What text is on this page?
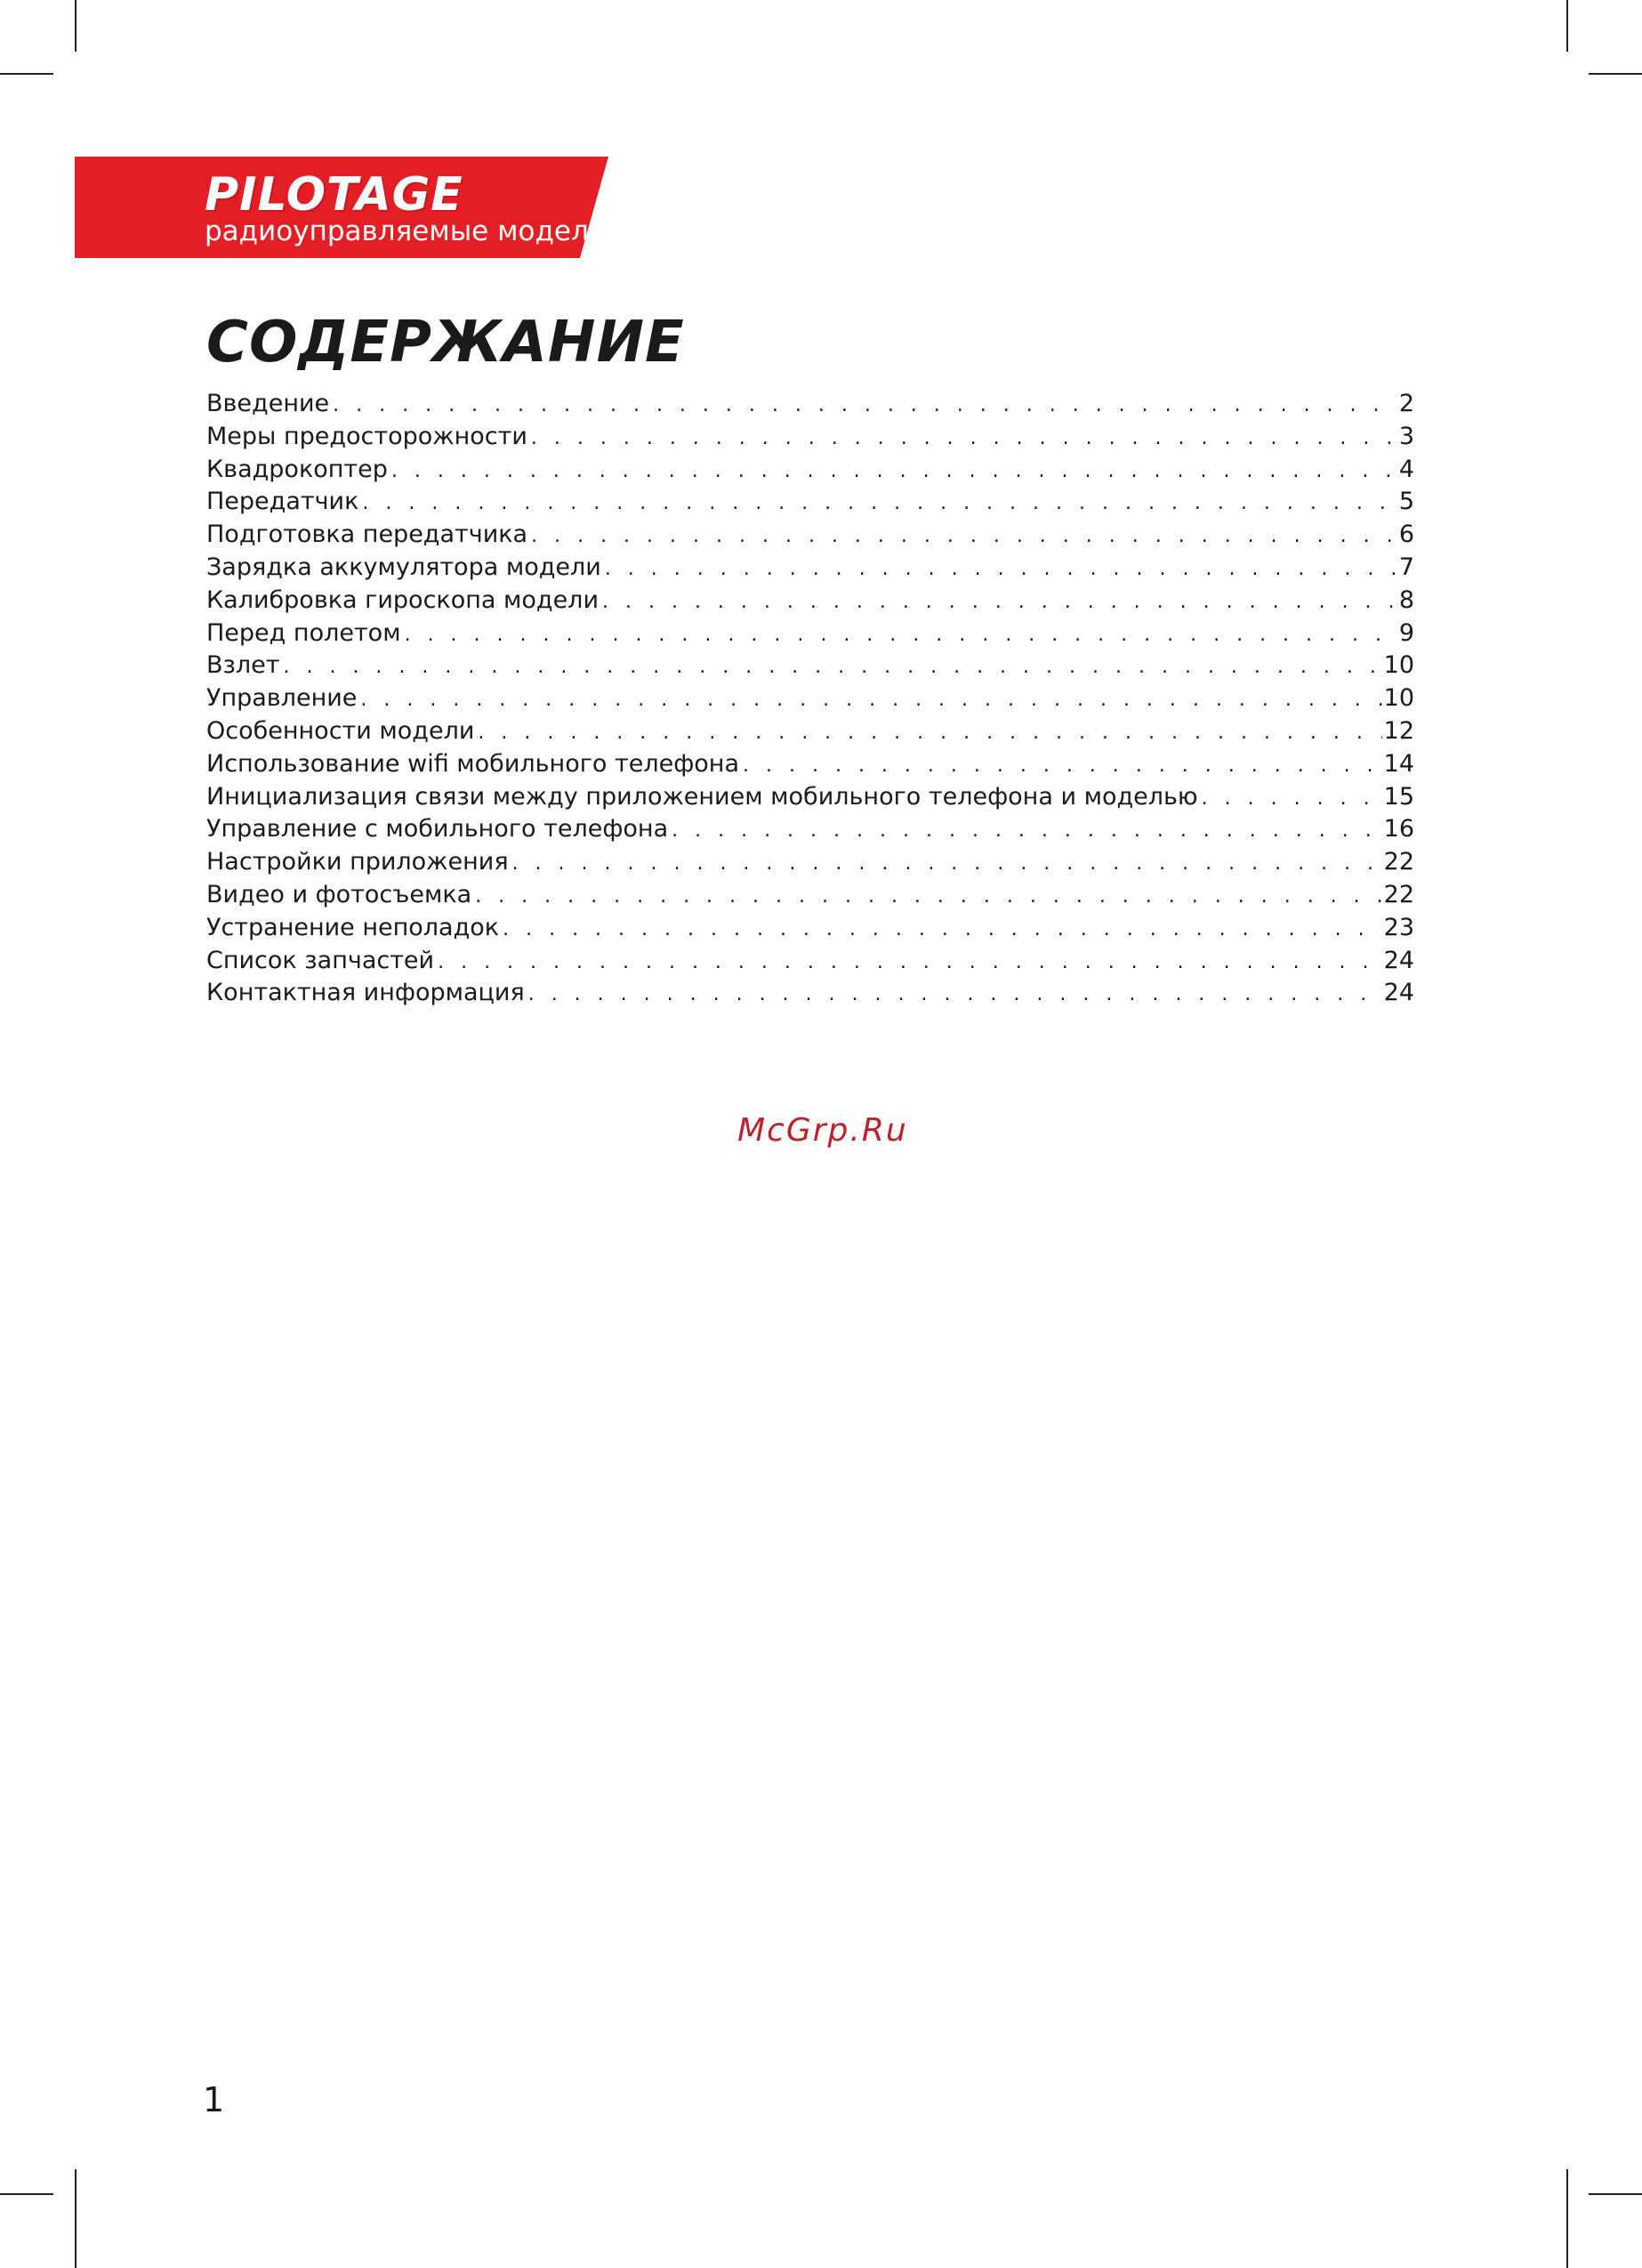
PILOTAGE
радиоуправляемые модели
СОДЕРЖАНИЕ
Введение . . .	2
Меры предосторожности . . .	3
Квадрокоптер . . .	4
Передатчик . . .	5
Подготовка передатчика . . .	6
Зарядка аккумулятора модели . . .	7
Калибровка гироскопа модели . . .	8
Перед полетом . . .	9
Взлет . . .	10
Управление . . .	10
Особенности модели . . .	12
Использование wifi мобильного телефона . . .	14
Инициализация связи между приложением мобильного телефона и моделью . . .	15
Управление с мобильного телефона . . .	16
Настройки приложения . . .	22
Видео и фотосъемка . . .	22
Устранение неполадок . . .	23
Список запчастей . . .	24
Контактная информация . . .	24
McGrp.Ru
1
